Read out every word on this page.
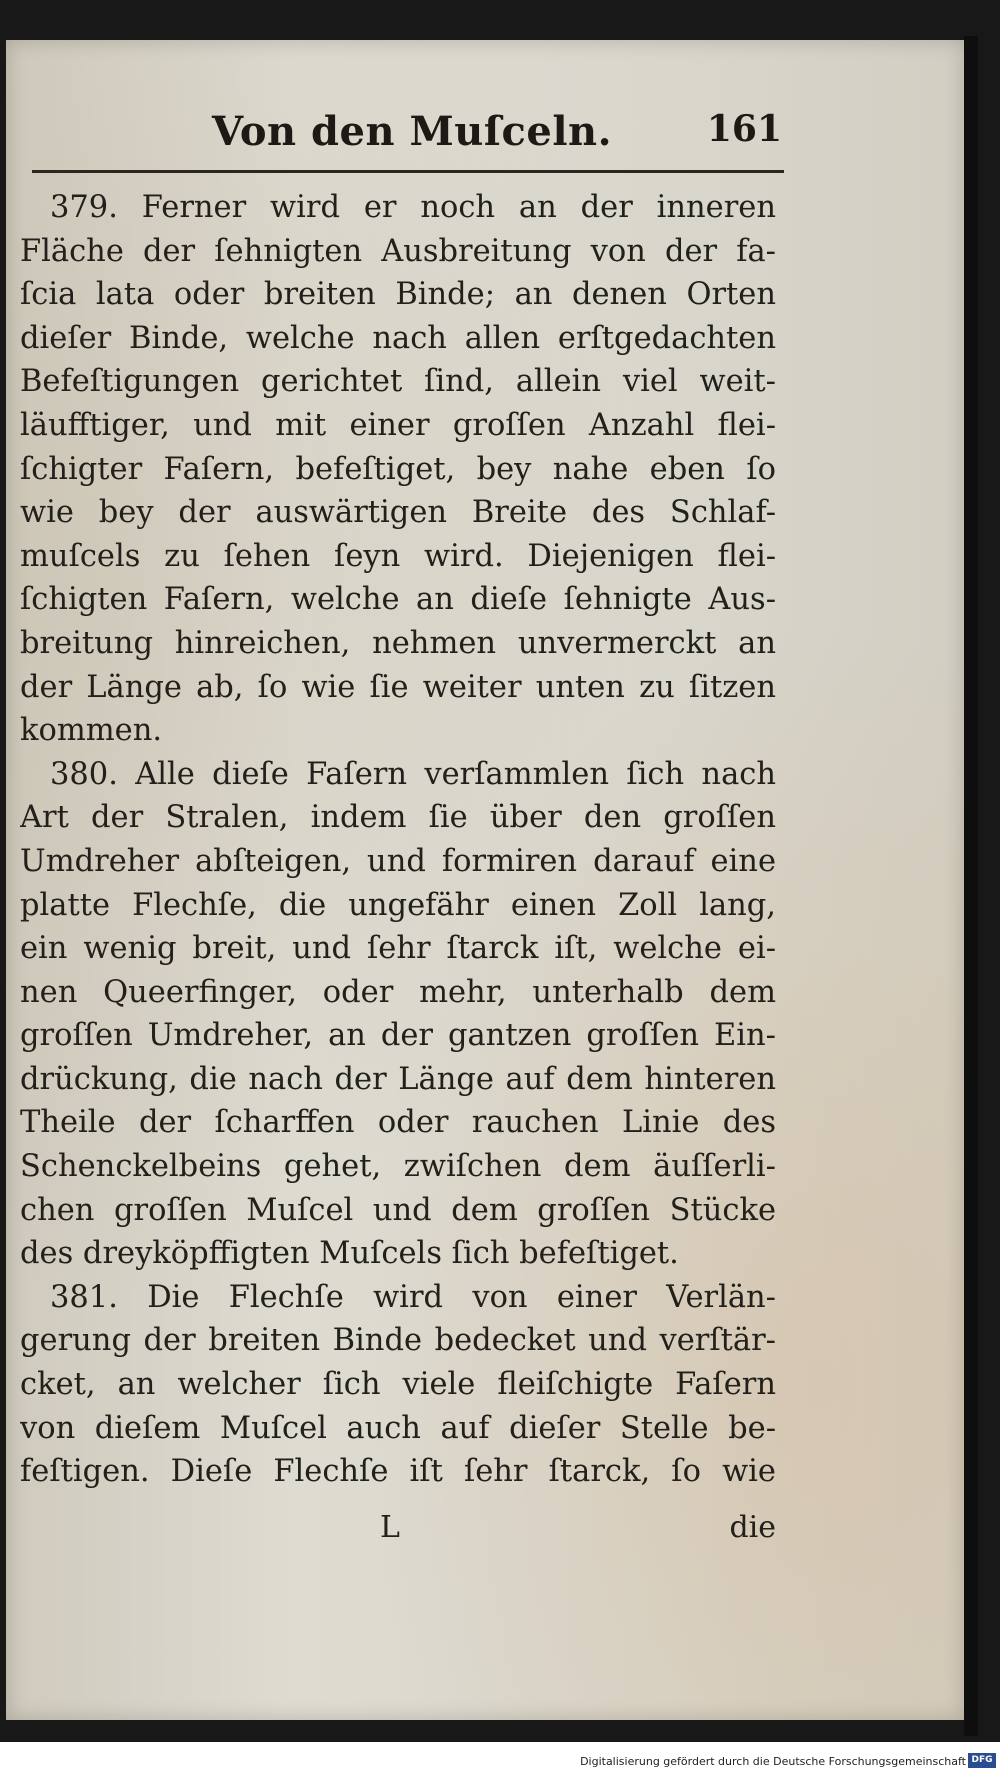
Von den Muſceln.	161
379. Ferner wird er noch an der inneren
Fläche der ſehnigten Ausbreitung von der fa-
ſcia lata oder breiten Binde; an denen Orten
dieſer Binde, welche nach allen erſtgedachten
Befeſtigungen gerichtet ſind, allein viel weit-
läufftiger, und mit einer groſſen Anzahl flei-
ſchigter Faſern, befeſtiget, bey nahe eben ſo
wie bey der auswärtigen Breite des Schlaf-
muſcels zu ſehen ſeyn wird. Diejenigen flei-
ſchigten Faſern, welche an dieſe ſehnigte Aus-
breitung hinreichen, nehmen unvermerckt an
der Länge ab, ſo wie ſie weiter unten zu ſitzen
kommen.
380. Alle dieſe Faſern verſammlen ſich nach
Art der Stralen, indem ſie über den groſſen
Umdreher abſteigen, und formiren darauf eine
platte Flechſe, die ungefähr einen Zoll lang,
ein wenig breit, und ſehr ſtarck iſt, welche ei-
nen Queerfinger, oder mehr, unterhalb dem
groſſen Umdreher, an der gantzen groſſen Ein-
drückung, die nach der Länge auf dem hinteren
Theile der ſcharffen oder rauchen Linie des
Schenckelbeins gehet, zwiſchen dem äuſſerli-
chen groſſen Muſcel und dem groſſen Stücke
des dreyköpffigten Muſcels ſich befeſtiget.
381. Die Flechſe wird von einer Verlän-
gerung der breiten Binde bedecket und verſtär-
cket, an welcher ſich viele fleiſchigte Faſern
von dieſem Muſcel auch auf dieſer Stelle be-
feſtigen. Dieſe Flechſe iſt ſehr ſtarck, ſo wie
L	die
Digitalisierung gefördert durch die Deutsche Forschungsgemeinschaft DFG
